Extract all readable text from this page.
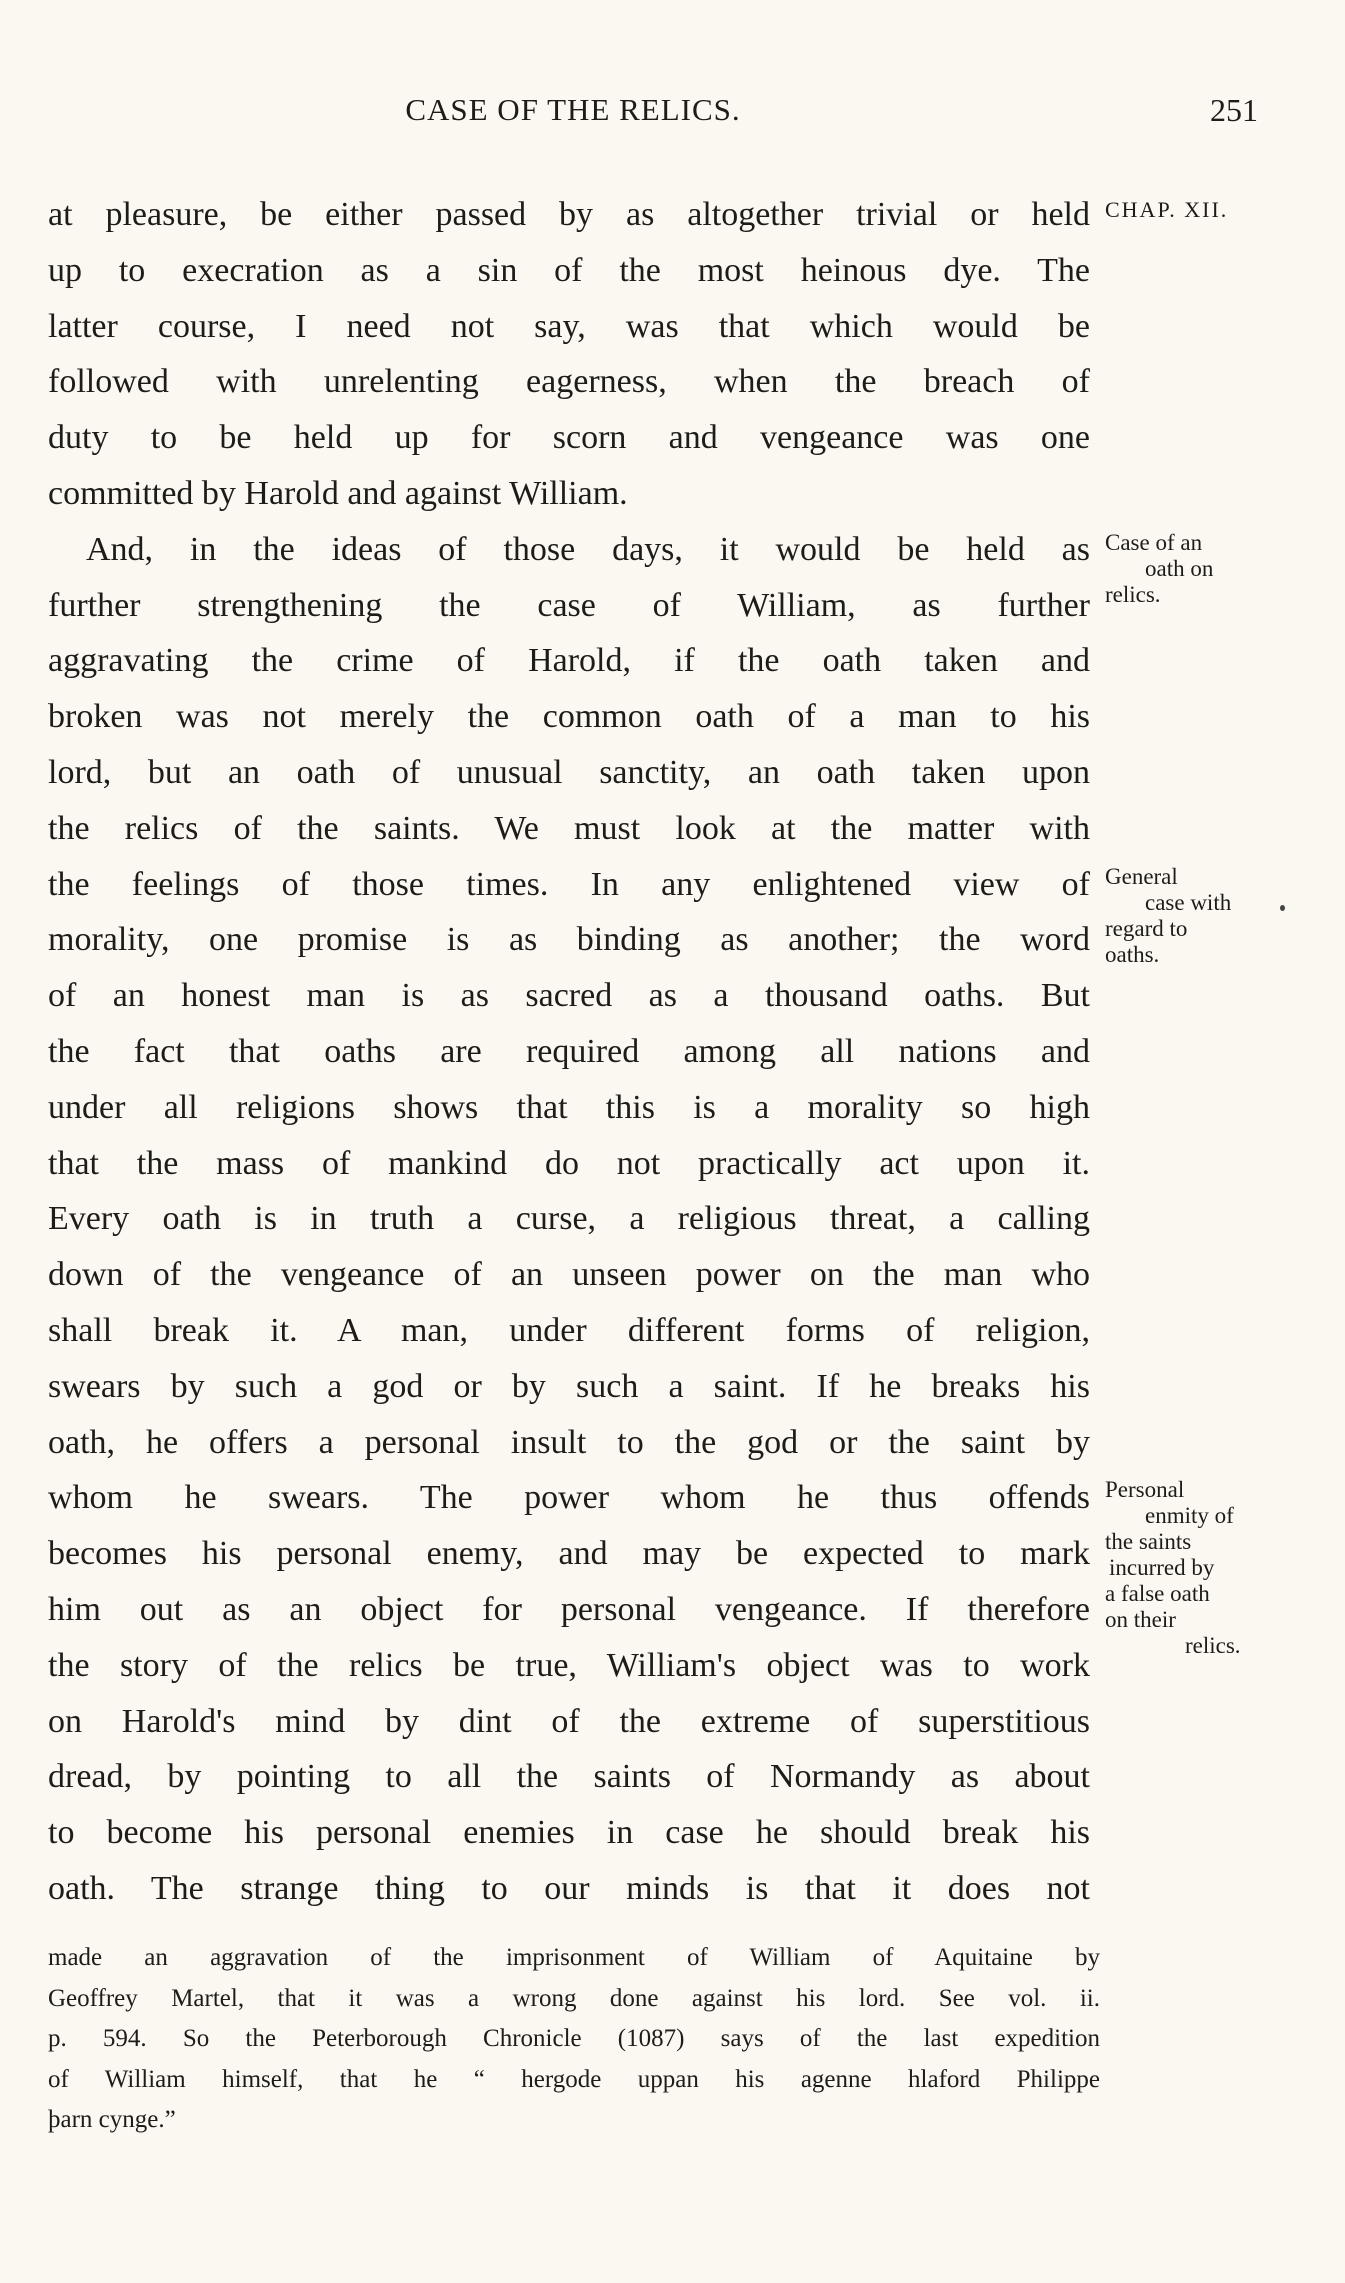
CASE OF THE RELICS.	251
at pleasure, be either passed by as altogether trivial or held
up to execration as a sin of the most heinous dye. The
latter course, I need not say, was that which would be
followed with unrelenting eagerness, when the breach of
duty to be held up for scorn and vengeance was one
committed by Harold and against William.
And, in the ideas of those days, it would be held as
further strengthening the case of William, as further
aggravating the crime of Harold, if the oath taken and
broken was not merely the common oath of a man to his
lord, but an oath of unusual sanctity, an oath taken upon
the relics of the saints. We must look at the matter with
the feelings of those times. In any enlightened view of
morality, one promise is as binding as another; the word
of an honest man is as sacred as a thousand oaths. But
the fact that oaths are required among all nations and
under all religions shows that this is a morality so high
that the mass of mankind do not practically act upon it.
Every oath is in truth a curse, a religious threat, a calling
down of the vengeance of an unseen power on the man who
shall break it. A man, under different forms of religion,
swears by such a god or by such a saint. If he breaks his
oath, he offers a personal insult to the god or the saint by
whom he swears. The power whom he thus offends
becomes his personal enemy, and may be expected to mark
him out as an object for personal vengeance. If therefore
the story of the relics be true, William's object was to work
on Harold's mind by dint of the extreme of superstitious
dread, by pointing to all the saints of Normandy as about
to become his personal enemies in case he should break his
oath. The strange thing to our minds is that it does not
CHAP. XII.
Case of an
oath on
relics.
General
case with
regard to
oaths.
Personal
enmity of
the saints
incurred by
a false oath
on their
relics.
made an aggravation of the imprisonment of William of Aquitaine by
Geoffrey Martel, that it was a wrong done against his lord. See vol. ii.
p. 594. So the Peterborough Chronicle (1087) says of the last expedition
of William himself, that he “ hergode uppan his agenne hlaford Philippe
þarn cynge.”
